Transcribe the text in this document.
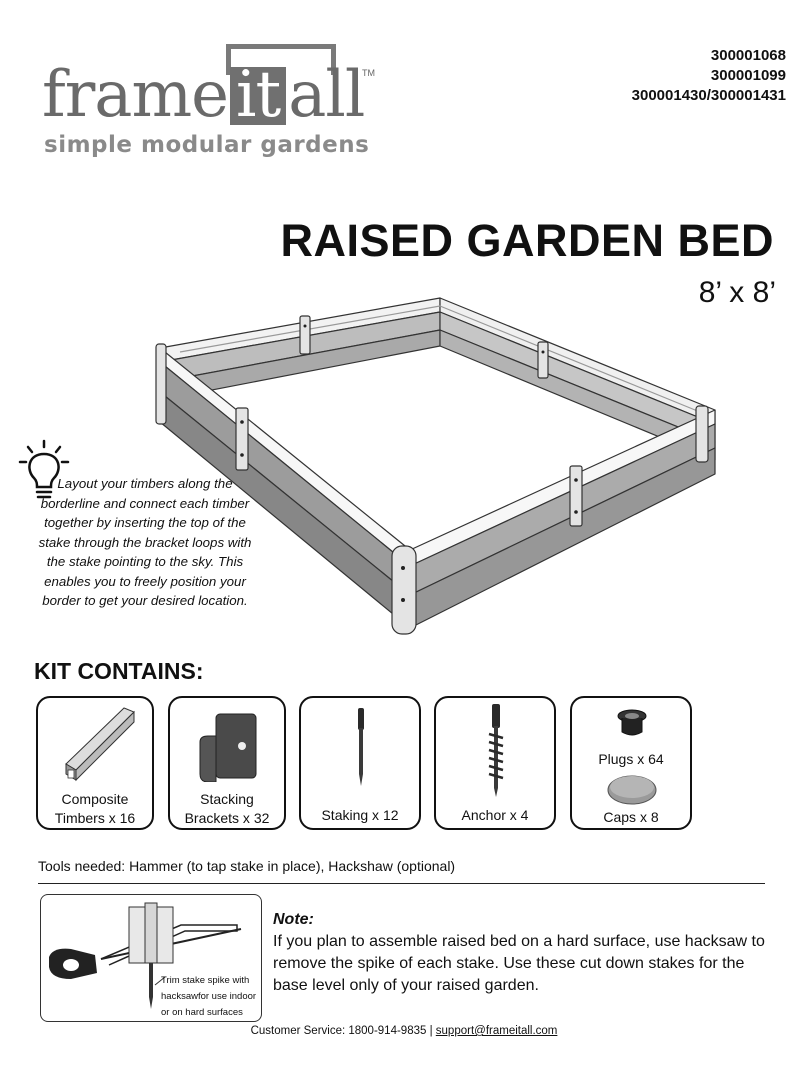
frame it all
TM
simple modular gardens
300001068
300001099
300001430/300001431
RAISED GARDEN BED
8’ x 8’
Layout your timbers along the borderline and connect each timber together by inserting the top of the stake through the bracket loops with the stake pointing to the sky. This enables you to freely position your border to get your desired location.
KIT CONTAINS:
Composite
Timbers x 16
Stacking
Brackets x 32	Staking x 12	Anchor x 4
Plugs x 64
Caps x 8
Tools needed: Hammer (to tap stake in place), Hackshaw (optional)
Trim stake spike with
hacksawfor use indoor
or on hard surfaces
Note:
If you plan to assemble raised bed on a hard surface, use hacksaw to remove the spike of each stake. Use these cut down stakes for the base level only of your raised garden.
Customer Service: 1800-914-9835 | support@frameitall.com
